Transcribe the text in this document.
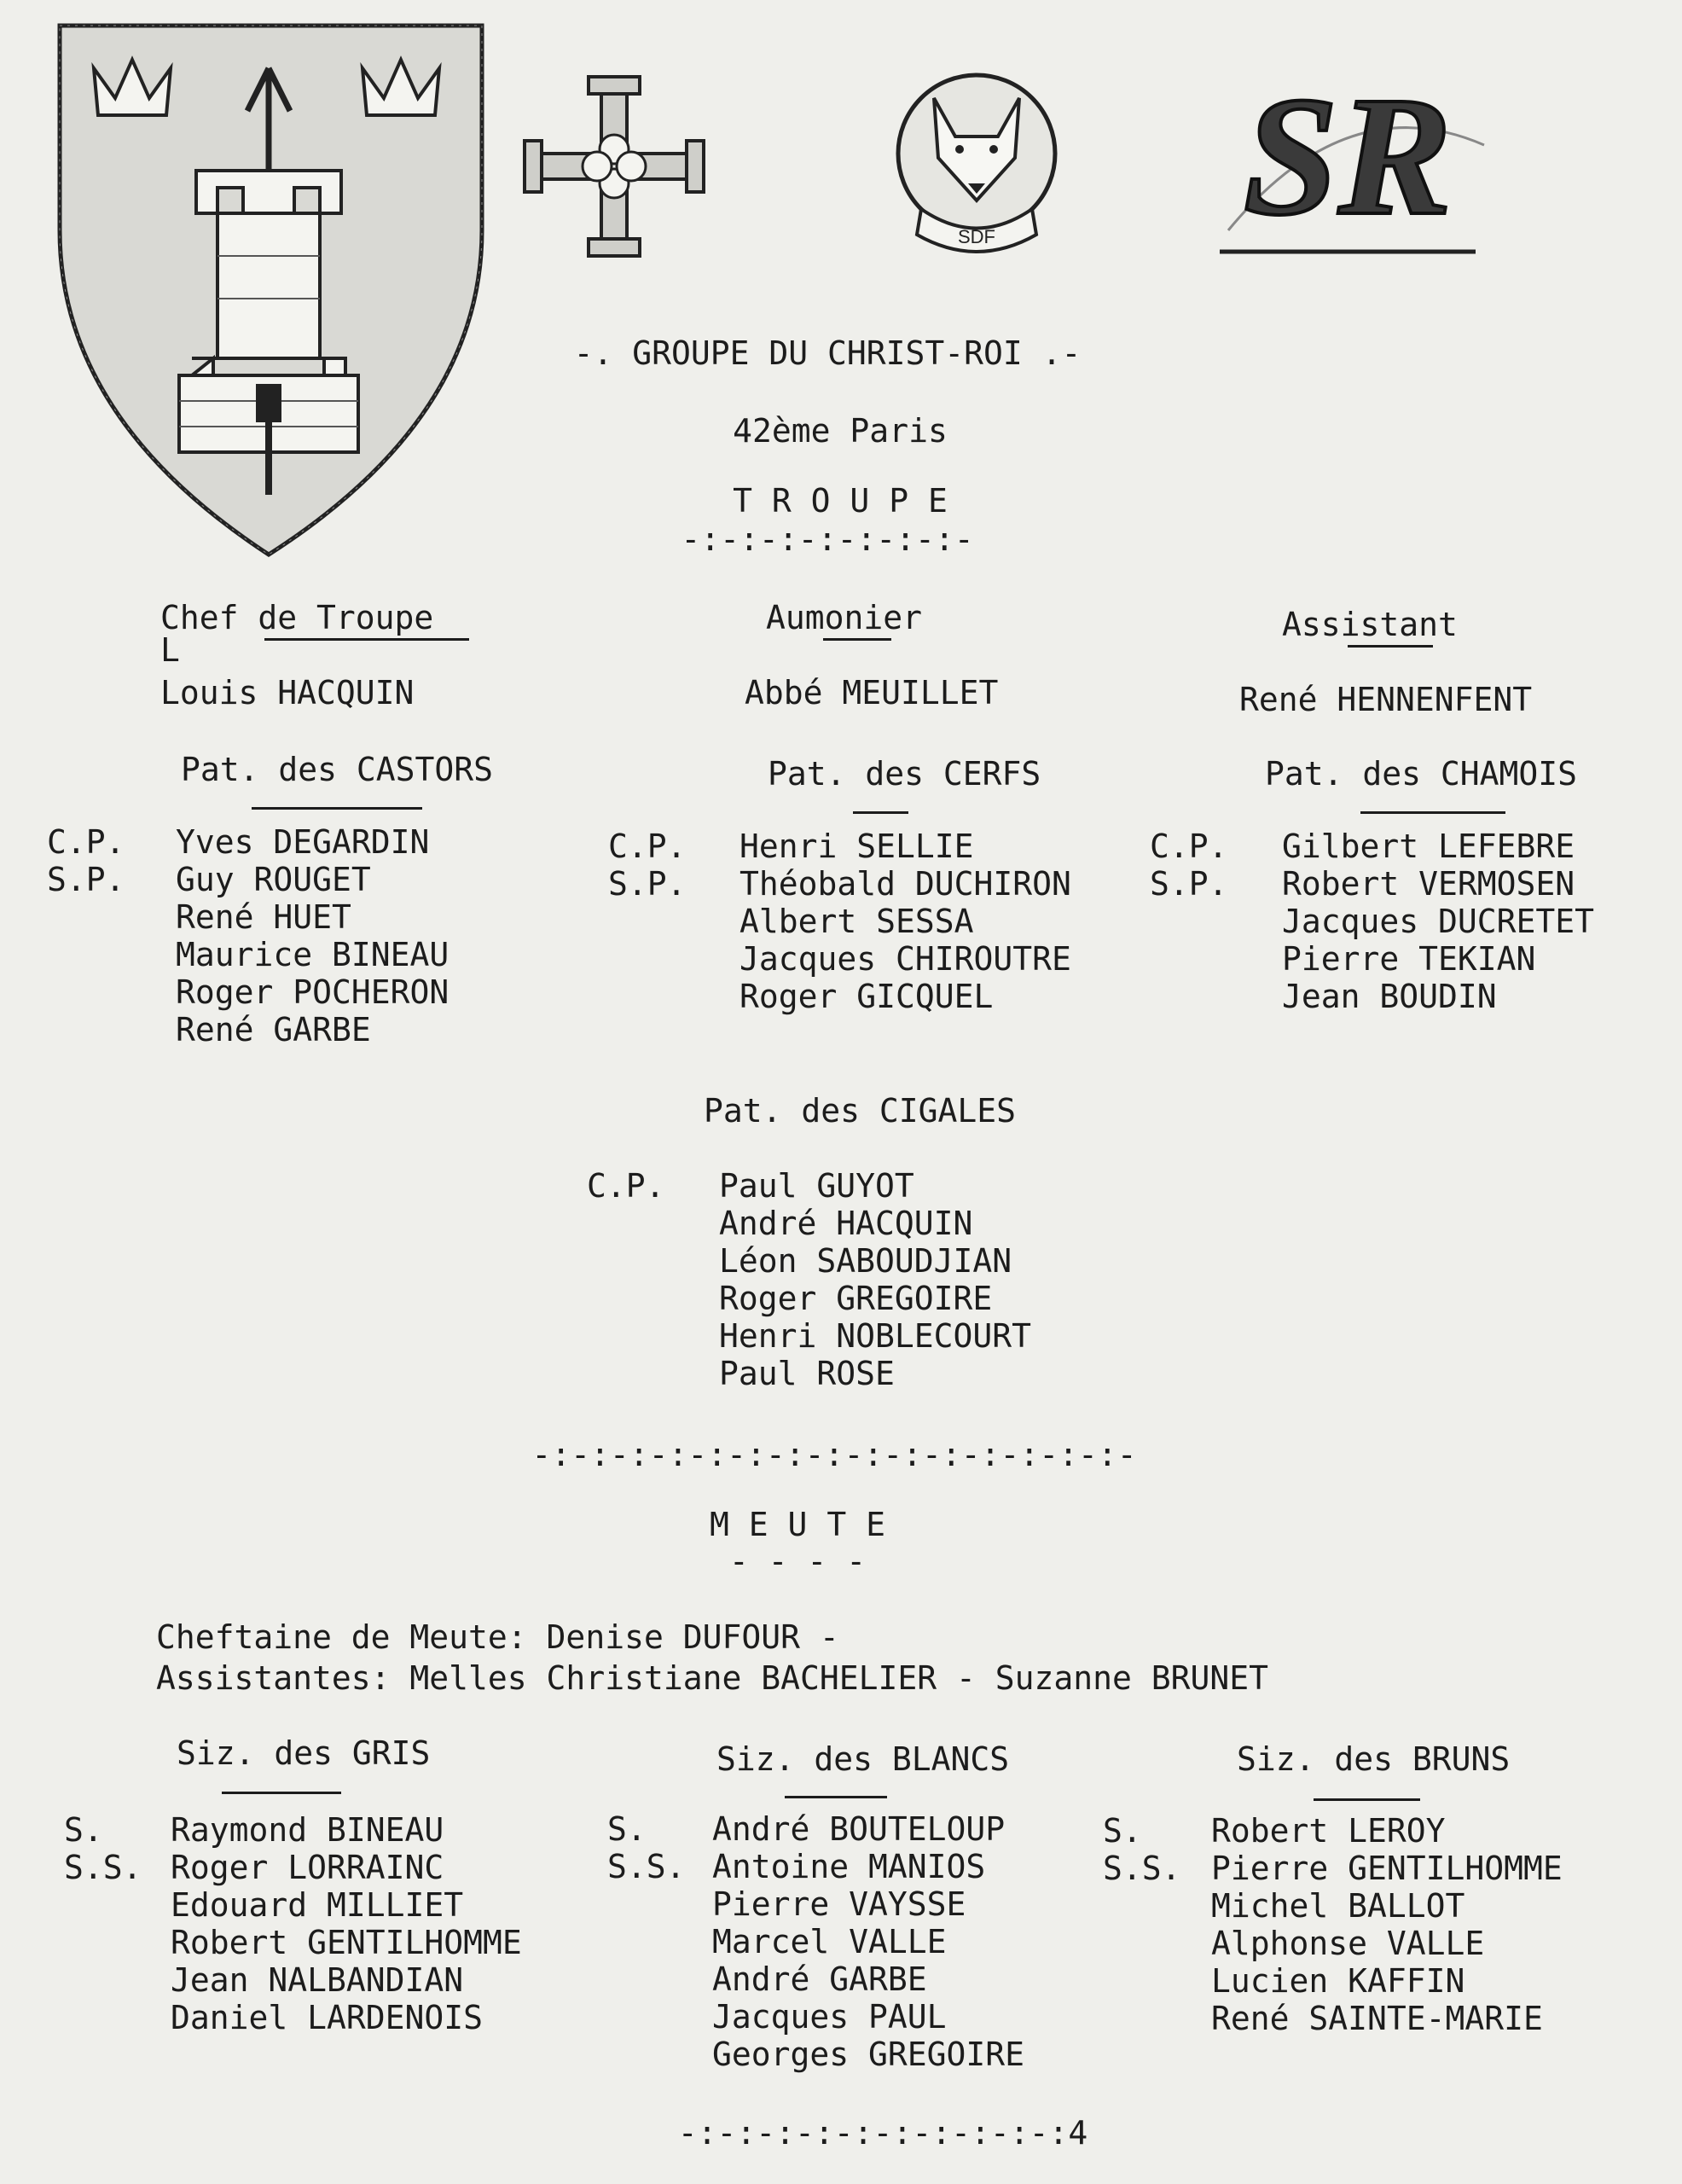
SDF SR
-. GROUPE DU CHRIST-ROI .-
42ème Paris
T R O U P E
-:-:-:-:-:-:-:-
Chef de Troupe
L
Louis HACQUIN
Aumonier
Abbé MEUILLET
Assistant
René HENNENFENT
Pat. des CASTORS
C.P.
S.P.
Yves DEGARDIN
Guy ROUGET
René HUET
Maurice BINEAU
Roger POCHERON
René GARBE
Pat. des CERFS
C.P.
S.P.
Henri SELLIE
Théobald DUCHIRON
Albert SESSA
Jacques CHIROUTRE
Roger GICQUEL
Pat. des CHAMOIS
C.P.
S.P.
Gilbert LEFEBRE
Robert VERMOSEN
Jacques DUCRETET
Pierre TEKIAN
Jean BOUDIN
Pat. des CIGALES
C.P. Paul GUYOT
André HACQUIN
Léon SABOUDJIAN
Roger GREGOIRE
Henri NOBLECOURT
Paul ROSE
-:-:-:-:-:-:-:-:-:-:-:-:-:-:-:-
M E U T E
- - - -
Cheftaine de Meute: Denise DUFOUR -
Assistantes: Melles Christiane BACHELIER - Suzanne BRUNET
Siz. des GRIS
S.
S.S.
Raymond BINEAU
Roger LORRAINC
Edouard MILLIET
Robert GENTILHOMME
Jean NALBANDIAN
Daniel LARDENOIS
Siz. des BLANCS
S.
S.S.
André BOUTELOUP
Antoine MANIOS
Pierre VAYSSE
Marcel VALLE
André GARBE
Jacques PAUL
Georges GREGOIRE
Siz. des BRUNS
S.
S.S.
Robert LEROY
Pierre GENTILHOMME
Michel BALLOT
Alphonse VALLE
Lucien KAFFIN
René SAINTE-MARIE
-:-:-:-:-:-:-:-:-:-:4
